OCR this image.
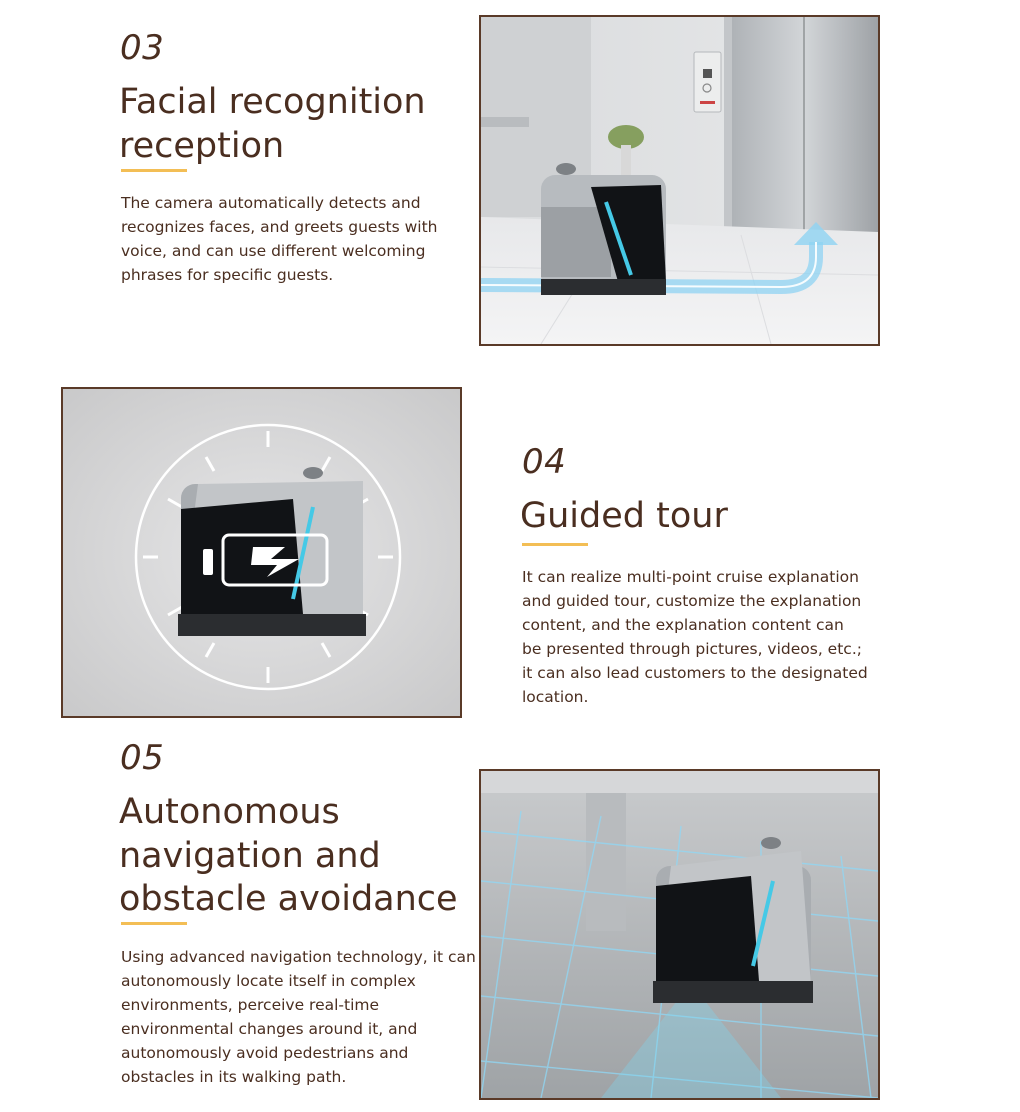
03

Facial recognition
reception

The camera automatically detects and

recognizes faces, and greets guests with

voice, and can use different welcoming

phrases for specific guests.

04

Guided tour

It can realize multi-point cruise explanation

and guided tour, customize the explanation

content, and the explanation content can

be presented through pictures, videos, etc.;

it can also lead customers to the designated

location.

05

Autonomous
navigation and
obstacle avoidance

Using advanced navigation technology, it can

autonomously locate itself in complex

environments, perceive real-time

environmental changes around it, and

autonomously avoid pedestrians and

obstacles in its walking path.
